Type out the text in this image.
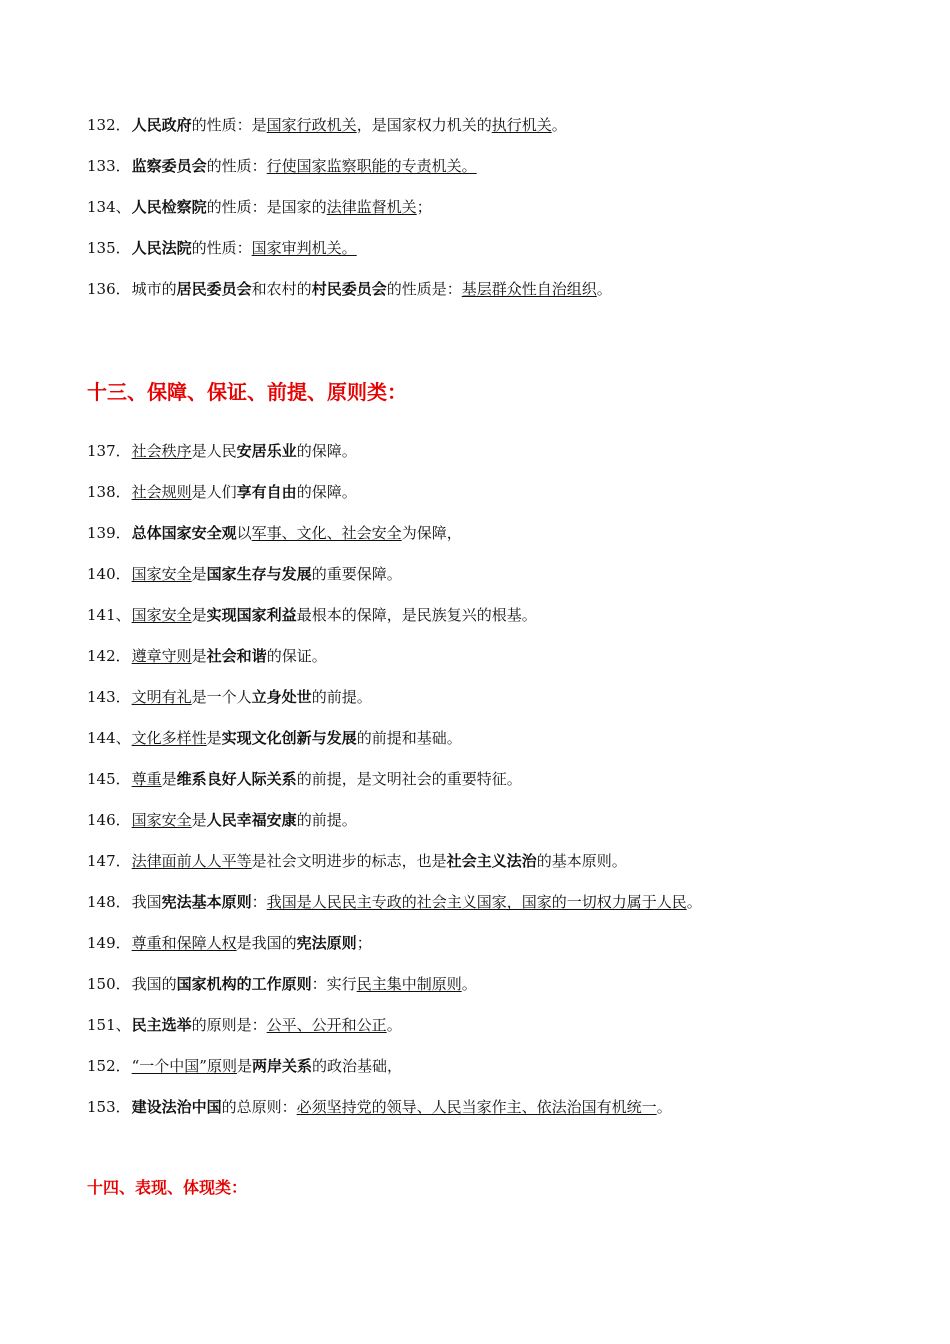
132．人民政府的性质：是国家行政机关，是国家权力机关的执行机关。
133．监察委员会的性质：行使国家监察职能的专责机关。
134、人民检察院的性质：是国家的法律监督机关；
135．人民法院的性质：国家审判机关。
136．城市的居民委员会和农村的村民委员会的性质是：基层群众性自治组织。
十三、保障、保证、前提、原则类：
137．社会秩序是人民安居乐业的保障。
138．社会规则是人们享有自由的保障。
139．总体国家安全观以军事、文化、社会安全为保障，
140．国家安全是国家生存与发展的重要保障。
141、国家安全是实现国家利益最根本的保障，是民族复兴的根基。
142．遵章守则是社会和谐的保证。
143．文明有礼是一个人立身处世的前提。
144、文化多样性是实现文化创新与发展的前提和基础。
145．尊重是维系良好人际关系的前提，是文明社会的重要特征。
146．国家安全是人民幸福安康的前提。
147．法律面前人人平等是社会文明进步的标志，也是社会主义法治的基本原则。
148．我国宪法基本原则：我国是人民民主专政的社会主义国家，国家的一切权力属于人民。
149．尊重和保障人权是我国的宪法原则；
150．我国的国家机构的工作原则：实行民主集中制原则。
151、民主选举的原则是：公平、公开和公正。
152．“一个中国”原则是两岸关系的政治基础，
153．建设法治中国的总原则：必须坚持党的领导、人民当家作主、依法治国有机统一。
十四、表现、体现类：
